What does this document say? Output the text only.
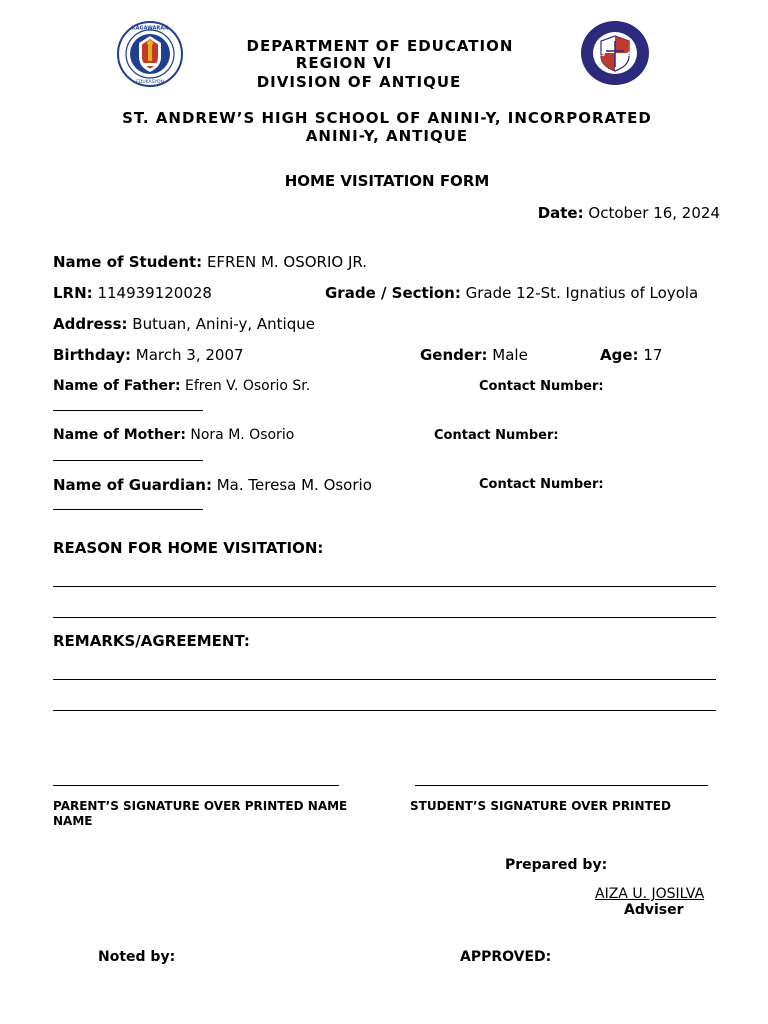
KAGAWARAN
EDUKASYON
19	64
DEPARTMENT OF EDUCATION
REGION VI
DIVISION OF ANTIQUE
ST. ANDREW’S HIGH SCHOOL OF ANINI-Y, INCORPORATED
ANINI-Y, ANTIQUE
HOME VISITATION FORM
Date: October 16, 2024
Name of Student: EFREN M. OSORIO JR.
LRN: 114939120028	Grade / Section: Grade 12-St. Ignatius of Loyola
Address: Butuan, Anini-y, Antique
Birthday: March 3, 2007	Gender: Male	Age: 17
Name of Father: Efren V. Osorio Sr.	Contact Number:
Name of Mother: Nora M. Osorio	Contact Number:
Name of Guardian: Ma. Teresa M. Osorio	Contact Number:
REASON FOR HOME VISITATION:
REMARKS/AGREEMENT:
PARENT’S SIGNATURE OVER PRINTED NAME
NAME
STUDENT’S SIGNATURE OVER PRINTED
Prepared by:
AIZA U. JOSILVA
Adviser
Noted by:	APPROVED:
